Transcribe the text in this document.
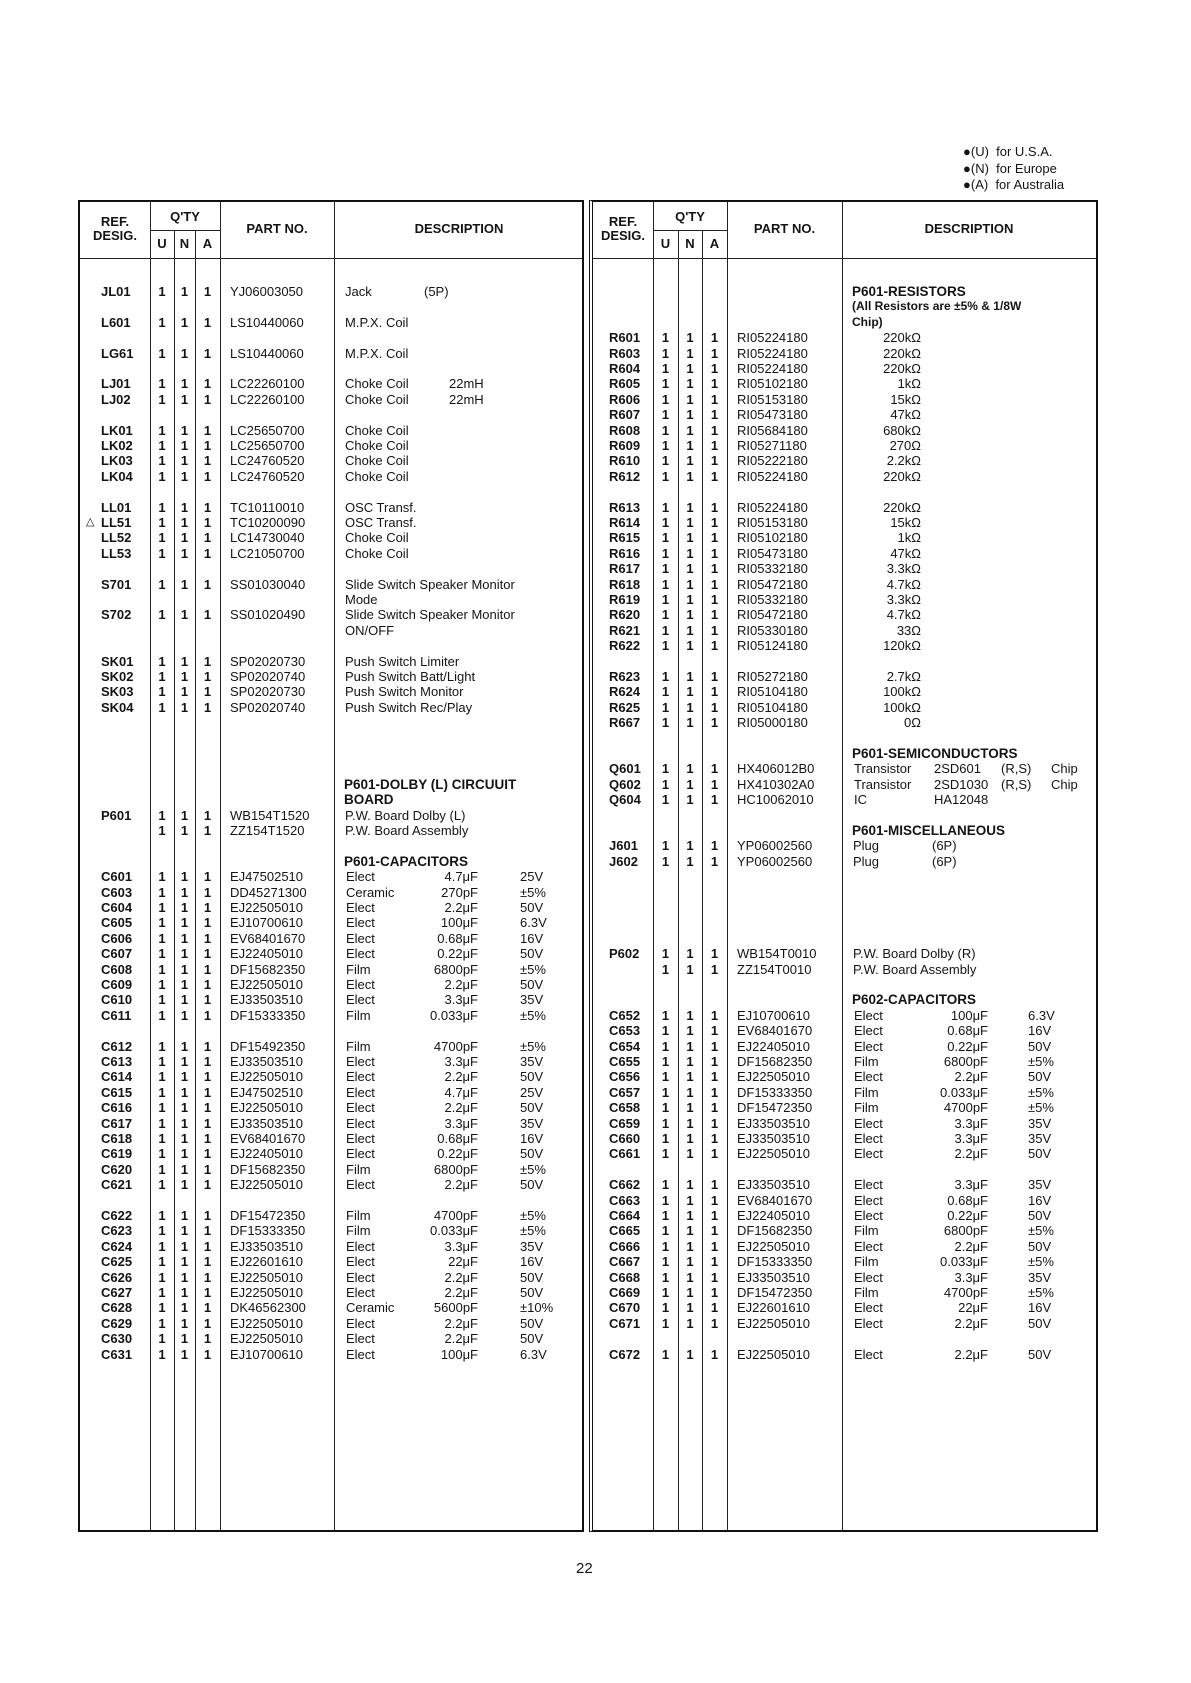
●(U) for U.S.A.
●(N) for Europe
●(A) for Australia
REF.
DESIG.
Q'TY
U	N	A
PART NO.	DESCRIPTION
JL01	1	1	1	YJ06003050	Jack	(5P)
L601	1	1	1	LS10440060	M.P.X. Coil
LG61	1	1	1	LS10440060	M.P.X. Coil
LJ01	1	1	1	LC22260100	Choke Coil	22mH
LJ02	1	1	1	LC22260100	Choke Coil	22mH
LK01	1	1	1	LC25650700	Choke Coil
LK02	1	1	1	LC25650700	Choke Coil
LK03	1	1	1	LC24760520	Choke Coil
LK04	1	1	1	LC24760520	Choke Coil
LL01	1	1	1	TC10110010	OSC Transf.
△ LL51	1	1	1	TC10200090	OSC Transf.
LL52	1	1	1	LC14730040	Choke Coil
LL53	1	1	1	LC21050700	Choke Coil
S701	1	1	1	SS01030040	Slide Switch Speaker Monitor
Mode
S702	1	1	1	SS01020490	Slide Switch Speaker Monitor
ON/OFF
SK01	1	1	1	SP02020730	Push Switch Limiter
SK02	1	1	1	SP02020740	Push Switch Batt/Light
SK03	1	1	1	SP02020730	Push Switch Monitor
SK04	1	1	1	SP02020740	Push Switch Rec/Play
P601-DOLBY (L) CIRCUUIT
BOARD
P601	1	1	1	WB154T1520	P.W. Board Dolby (L)
1	1	1	ZZ154T1520	P.W. Board Assembly
P601-CAPACITORS
C601	1	1	1	EJ47502510	Elect	4.7μF	25V
C603	1	1	1	DD45271300	Ceramic	270pF	±5%
C604	1	1	1	EJ22505010	Elect	2.2μF	50V
C605	1	1	1	EJ10700610	Elect	100μF	6.3V
C606	1	1	1	EV68401670	Elect	0.68μF	16V
C607	1	1	1	EJ22405010	Elect	0.22μF	50V
C608	1	1	1	DF15682350	Film	6800pF	±5%
C609	1	1	1	EJ22505010	Elect	2.2μF	50V
C610	1	1	1	EJ33503510	Elect	3.3μF	35V
C611	1	1	1	DF15333350	Film	0.033μF	±5%
C612	1	1	1	DF15492350	Film	4700pF	±5%
C613	1	1	1	EJ33503510	Elect	3.3μF	35V
C614	1	1	1	EJ22505010	Elect	2.2μF	50V
C615	1	1	1	EJ47502510	Elect	4.7μF	25V
C616	1	1	1	EJ22505010	Elect	2.2μF	50V
C617	1	1	1	EJ33503510	Elect	3.3μF	35V
C618	1	1	1	EV68401670	Elect	0.68μF	16V
C619	1	1	1	EJ22405010	Elect	0.22μF	50V
C620	1	1	1	DF15682350	Film	6800pF	±5%
C621	1	1	1	EJ22505010	Elect	2.2μF	50V
C622	1	1	1	DF15472350	Film	4700pF	±5%
C623	1	1	1	DF15333350	Film	0.033μF	±5%
C624	1	1	1	EJ33503510	Elect	3.3μF	35V
C625	1	1	1	EJ22601610	Elect	22μF	16V
C626	1	1	1	EJ22505010	Elect	2.2μF	50V
C627	1	1	1	EJ22505010	Elect	2.2μF	50V
C628	1	1	1	DK46562300	Ceramic	5600pF	±10%
C629	1	1	1	EJ22505010	Elect	2.2μF	50V
C630	1	1	1	EJ22505010	Elect	2.2μF	50V
C631	1	1	1	EJ10700610	Elect	100μF	6.3V
REF.
DESIG.
Q'TY
U	N	A
PART NO.	DESCRIPTION
P601-RESISTORS
(All Resistors are ±5% & 1/8W
Chip)
R601	1	1	1	RI05224180	220kΩ
R603	1	1	1	RI05224180	220kΩ
R604	1	1	1	RI05224180	220kΩ
R605	1	1	1	RI05102180	1kΩ
R606	1	1	1	RI05153180	15kΩ
R607	1	1	1	RI05473180	47kΩ
R608	1	1	1	RI05684180	680kΩ
R609	1	1	1	RI05271180	270Ω
R610	1	1	1	RI05222180	2.2kΩ
R612	1	1	1	RI05224180	220kΩ
R613	1	1	1	RI05224180	220kΩ
R614	1	1	1	RI05153180	15kΩ
R615	1	1	1	RI05102180	1kΩ
R616	1	1	1	RI05473180	47kΩ
R617	1	1	1	RI05332180	3.3kΩ
R618	1	1	1	RI05472180	4.7kΩ
R619	1	1	1	RI05332180	3.3kΩ
R620	1	1	1	RI05472180	4.7kΩ
R621	1	1	1	RI05330180	33Ω
R622	1	1	1	RI05124180	120kΩ
R623	1	1	1	RI05272180	2.7kΩ
R624	1	1	1	RI05104180	100kΩ
R625	1	1	1	RI05104180	100kΩ
R667	1	1	1	RI05000180	0Ω
P601-SEMICONDUCTORS
Q601	1	1	1	HX406012B0	Transistor 2SD601 (R,S) Chip
Q602	1	1	1	HX410302A0	Transistor 2SD1030 (R,S) Chip
Q604	1	1	1	HC10062010	IC	HA12048
P601-MISCELLANEOUS
J601	1	1	1	YP06002560	Plug	(6P)
J602	1	1	1	YP06002560	Plug	(6P)
P602	1	1	1	WB154T0010	P.W. Board Dolby (R)
1	1	1	ZZ154T0010	P.W. Board Assembly
P602-CAPACITORS
C652	1	1	1	EJ10700610	Elect	100μF	6.3V
C653	1	1	1	EV68401670	Elect	0.68μF	16V
C654	1	1	1	EJ22405010	Elect	0.22μF	50V
C655	1	1	1	DF15682350	Film	6800pF	±5%
C656	1	1	1	EJ22505010	Elect	2.2μF	50V
C657	1	1	1	DF15333350	Film	0.033μF	±5%
C658	1	1	1	DF15472350	Film	4700pF	±5%
C659	1	1	1	EJ33503510	Elect	3.3μF	35V
C660	1	1	1	EJ33503510	Elect	3.3μF	35V
C661	1	1	1	EJ22505010	Elect	2.2μF	50V
C662	1	1	1	EJ33503510	Elect	3.3μF	35V
C663	1	1	1	EV68401670	Elect	0.68μF	16V
C664	1	1	1	EJ22405010	Elect	0.22μF	50V
C665	1	1	1	DF15682350	Film	6800pF	±5%
C666	1	1	1	EJ22505010	Elect	2.2μF	50V
C667	1	1	1	DF15333350	Film	0.033μF	±5%
C668	1	1	1	EJ33503510	Elect	3.3μF	35V
C669	1	1	1	DF15472350	Film	4700pF	±5%
C670	1	1	1	EJ22601610	Elect	22μF	16V
C671	1	1	1	EJ22505010	Elect	2.2μF	50V
C672	1	1	1	EJ22505010	Elect	2.2μF	50V
22
